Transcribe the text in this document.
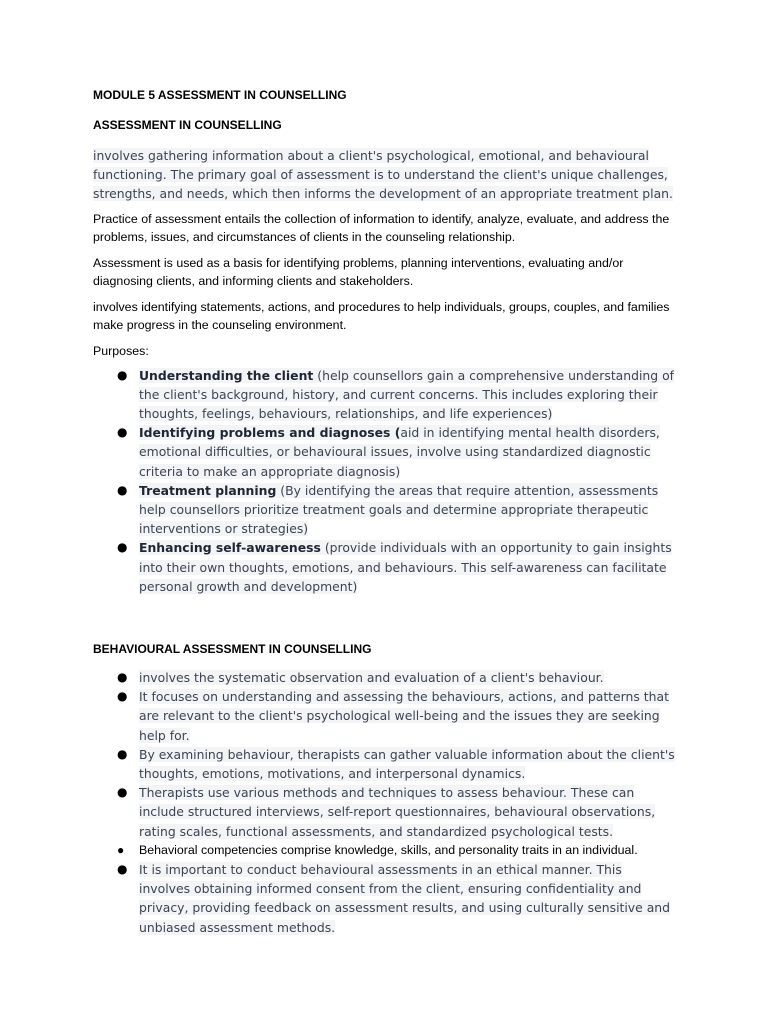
MODULE 5 ASSESSMENT IN COUNSELLING
ASSESSMENT IN COUNSELLING

involves gathering information about a client's psychological, emotional, and behavioural functioning. The primary goal of assessment is to understand the client's unique challenges, strengths, and needs, which then informs the development of an appropriate treatment plan.

Practice of assessment entails the collection of information to identify, analyze, evaluate, and address the problems, issues, and circumstances of clients in the counseling relationship.

Assessment is used as a basis for identifying problems, planning interventions, evaluating and/or diagnosing clients, and informing clients and stakeholders.

involves identifying statements, actions, and procedures to help individuals, groups, couples, and families make progress in the counseling environment.

Purposes:

● Understanding the client (help counsellors gain a comprehensive understanding of the client's background, history, and current concerns. This includes exploring their thoughts, feelings, behaviours, relationships, and life experiences)
● Identifying problems and diagnoses (aid in identifying mental health disorders, emotional difficulties, or behavioural issues, involve using standardized diagnostic criteria to make an appropriate diagnosis)
● Treatment planning (By identifying the areas that require attention, assessments help counsellors prioritize treatment goals and determine appropriate therapeutic interventions or strategies)
● Enhancing self-awareness (provide individuals with an opportunity to gain insights into their own thoughts, emotions, and behaviours. This self-awareness can facilitate personal growth and development)
BEHAVIOURAL ASSESSMENT IN COUNSELLING
● involves the systematic observation and evaluation of a client's behaviour.
● It focuses on understanding and assessing the behaviours, actions, and patterns that are relevant to the client's psychological well-being and the issues they are seeking help for.
● By examining behaviour, therapists can gather valuable information about the client's thoughts, emotions, motivations, and interpersonal dynamics.
● Therapists use various methods and techniques to assess behaviour. These can include structured interviews, self-report questionnaires, behavioural observations, rating scales, functional assessments, and standardized psychological tests.
● Behavioral competencies comprise knowledge, skills, and personality traits in an individual.
● It is important to conduct behavioural assessments in an ethical manner. This involves obtaining informed consent from the client, ensuring confidentiality and privacy, providing feedback on assessment results, and using culturally sensitive and unbiased assessment methods.
